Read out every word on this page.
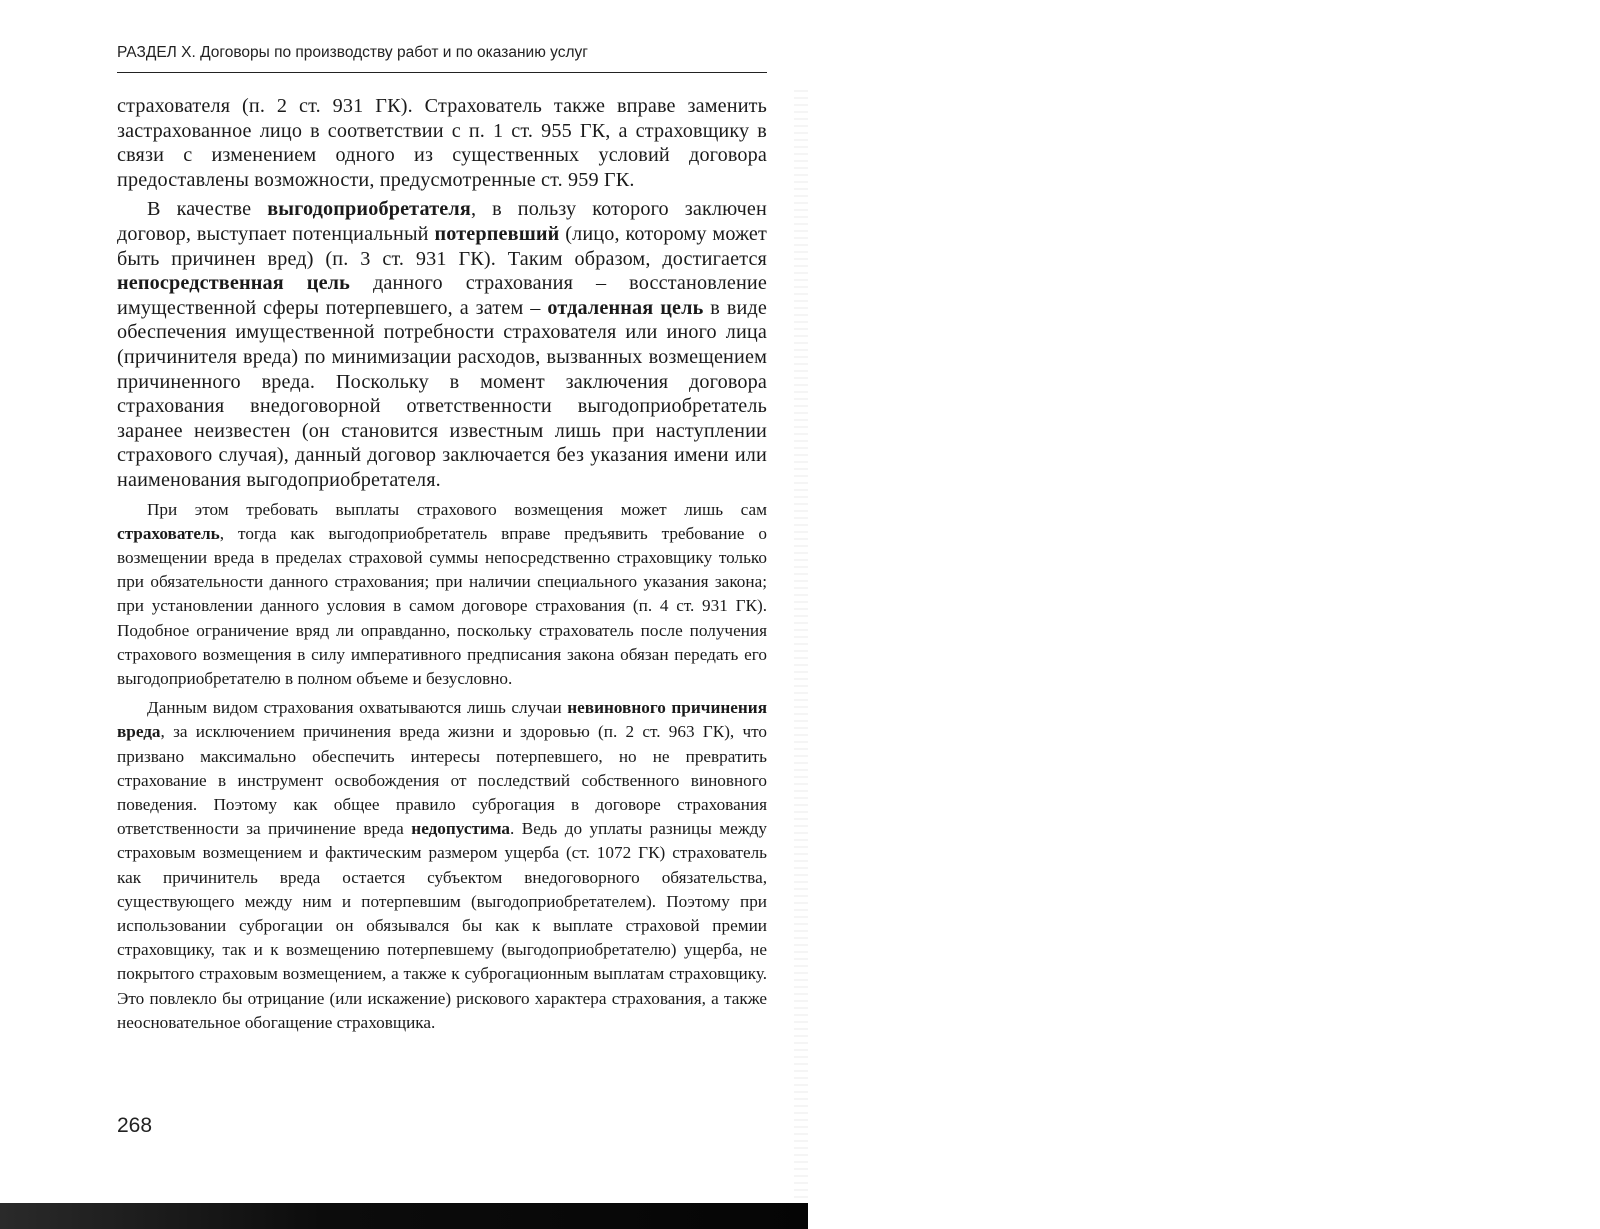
РАЗДЕЛ X. Договоры по производству работ и по оказанию услуг

страхователя (п. 2 ст. 931 ГК). Страхователь также вправе заменить застрахованное лицо в соответствии с п. 1 ст. 955 ГК, а страховщику в связи с изменением одного из существенных условий договора предоставлены возможности, предусмотренные ст. 959 ГК.

В качестве выгодоприобретателя, в пользу которого заключен договор, выступает потенциальный потерпевший (лицо, которому может быть причинен вред) (п. 3 ст. 931 ГК). Таким образом, достигается непосредственная цель данного страхования – восстановление имущественной сферы потерпевшего, а затем – отдаленная цель в виде обеспечения имущественной потребности страхователя или иного лица (причинителя вреда) по минимизации расходов, вызванных возмещением причиненного вреда. Поскольку в момент заключения договора страхования внедоговорной ответственности выгодоприобретатель заранее неизвестен (он становится известным лишь при наступлении страхового случая), данный договор заключается без указания имени или наименования выгодоприобретателя.

При этом требовать выплаты страхового возмещения может лишь сам страхователь, тогда как выгодоприобретатель вправе предъявить требование о возмещении вреда в пределах страховой суммы непосредственно страховщику только при обязательности данного страхования; при наличии специального указания закона; при установлении данного условия в самом договоре страхования (п. 4 ст. 931 ГК). Подобное ограничение вряд ли оправданно, поскольку страхователь после получения страхового возмещения в силу императивного предписания закона обязан передать его выгодоприобретателю в полном объеме и безусловно.

Данным видом страхования охватываются лишь случаи невиновного причинения вреда, за исключением причинения вреда жизни и здоровью (п. 2 ст. 963 ГК), что призвано максимально обеспечить интересы потерпевшего, но не превратить страхование в инструмент освобождения от последствий собственного виновного поведения. Поэтому как общее правило суброгация в договоре страхования ответственности за причинение вреда недопустима. Ведь до уплаты разницы между страховым возмещением и фактическим размером ущерба (ст. 1072 ГК) страхователь как причинитель вреда остается субъектом внедоговорного обязательства, существующего между ним и потерпевшим (выгодоприобретателем). Поэтому при использовании суброгации он обязывался бы как к выплате страховой премии страховщику, так и к возмещению потерпевшему (выгодоприобретателю) ущерба, не покрытого страховым возмещением, а также к суброгационным выплатам страховщику. Это повлекло бы отрицание (или искажение) рискового характера страхования, а также неосновательное обогащение страховщика.

268
